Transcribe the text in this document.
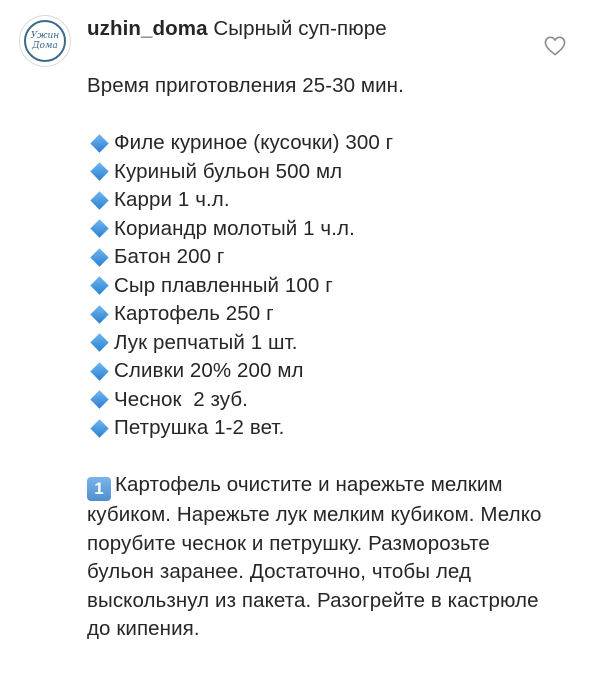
Ужин
Дома

uzhin_doma Сырный суп-пюре

Время приготовления 25-30 мин.

Филе куриное (кусочки) 300 г
Куриный бульон 500 мл
Карри 1 ч.л.
Кориандр молотый 1 ч.л.
Батон 200 г
Сыр плавленный 100 г
Картофель 250 г
Лук репчатый 1 шт.
Сливки 20% 200 мл
Чеснок  2 зуб.
Петрушка 1-2 вет.

1 Картофель очистите и нарежьте мелким кубиком. Нарежьте лук мелким кубиком. Мелко порубите чеснок и петрушку. Разморозьте бульон заранее. Достаточно, чтобы лед выскользнул из пакета. Разогрейте в кастрюле до кипения.
